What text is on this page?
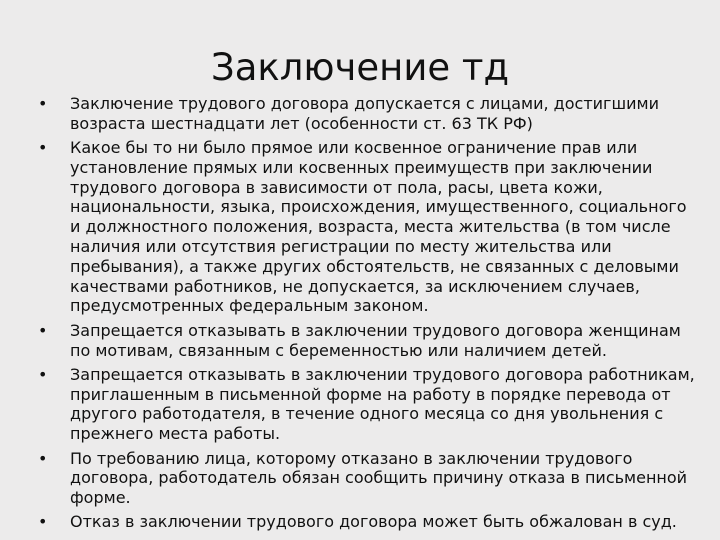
Заключение тд
• Заключение трудового договора допускается с лицами, достигшими возраста шестнадцати лет (особенности ст. 63 ТК РФ)
• Какое бы то ни было прямое или косвенное ограничение прав или установление прямых или косвенных преимуществ при заключении трудового договора в зависимости от пола, расы, цвета кожи, национальности, языка, происхождения, имущественного, социального и должностного положения, возраста, места жительства (в том числе наличия или отсутствия регистрации по месту жительства или пребывания), а также других обстоятельств, не связанных с деловыми качествами работников, не допускается, за исключением случаев, предусмотренных федеральным законом.
• Запрещается отказывать в заключении трудового договора женщинам по мотивам, связанным с беременностью или наличием детей.
• Запрещается отказывать в заключении трудового договора работникам, приглашенным в письменной форме на работу в порядке перевода от другого работодателя, в течение одного месяца со дня увольнения с прежнего места работы.
• По требованию лица, которому отказано в заключении трудового договора, работодатель обязан сообщить причину отказа в письменной форме.
• Отказ в заключении трудового договора может быть обжалован в суд.
